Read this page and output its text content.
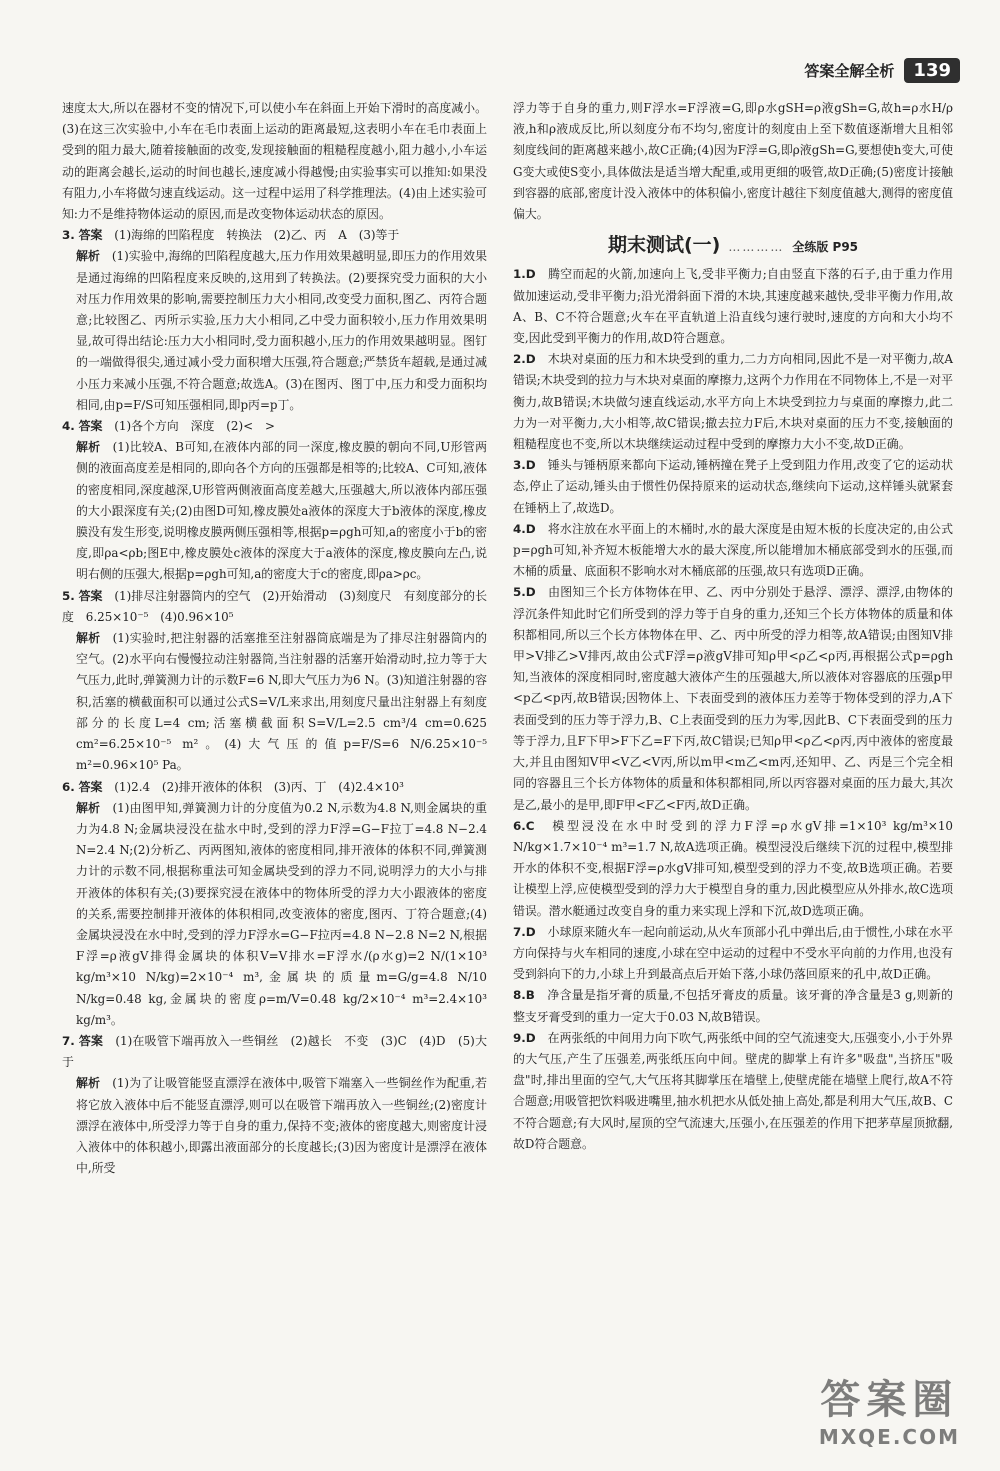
答案全解全析	139

速度太大,所以在器材不变的情况下,可以使小车在斜面上开始下滑时的高度减小。(3)在这三次实验中,小车在毛巾表面上运动的距离最短,这表明小车在毛巾表面上受到的阻力最大,随着接触面的改变,发现接触面的粗糙程度越小,阻力越小,小车运动的距离会越长,运动的时间也越长,速度减小得越慢;由实验事实可以推知:如果没有阻力,小车将做匀速直线运动。这一过程中运用了科学推理法。(4)由上述实验可知:力不是维持物体运动的原因,而是改变物体运动状态的原因。

3. 答案　 (1)海绵的凹陷程度　转换法　(2)乙、丙　A　(3)等于

解析　 (1)实验中,海绵的凹陷程度越大,压力作用效果越明显,即压力的作用效果是通过海绵的凹陷程度来反映的,这用到了转换法。(2)要探究受力面积的大小对压力作用效果的影响,需要控制压力大小相同,改变受力面积,图乙、丙符合题意;比较图乙、丙所示实验,压力大小相同,乙中受力面积较小,压力作用效果明显,故可得出结论:压力大小相同时,受力面积越小,压力的作用效果越明显。图钉的一端做得很尖,通过减小受力面积增大压强,符合题意;严禁货车超载,是通过减小压力来减小压强,不符合题意;故选A。(3)在图丙、图丁中,压力和受力面积均相同,由p=F/S可知压强相同,即p丙=p丁。

4. 答案　 (1)各个方向　深度　(2)<　>

解析　 (1)比较A、B可知,在液体内部的同一深度,橡皮膜的朝向不同,U形管两侧的液面高度差是相同的,即向各个方向的压强都是相等的;比较A、C可知,液体的密度相同,深度越深,U形管两侧液面高度差越大,压强越大,所以液体内部压强的大小跟深度有关;(2)由图D可知,橡皮膜处a液体的深度大于b液体的深度,橡皮膜没有发生形变,说明橡皮膜两侧压强相等,根据p=ρgh可知,a的密度小于b的密度,即ρa<ρb;图E中,橡皮膜处c液体的深度大于a液体的深度,橡皮膜向左凸,说明右侧的压强大,根据p=ρgh可知,a的密度大于c的密度,即ρa>ρc。

5. 答案　 (1)排尽注射器筒内的空气　(2)开始滑动　(3)刻度尺　有刻度部分的长度　6.25×10⁻⁵　(4)0.96×10⁵

解析　 (1)实验时,把注射器的活塞推至注射器筒底端是为了排尽注射器筒内的空气。(2)水平向右慢慢拉动注射器筒,当注射器的活塞开始滑动时,拉力等于大气压力,此时,弹簧测力计的示数F=6 N,即大气压力为6 N。(3)知道注射器的容积,活塞的横截面积可以通过公式S=V/L来求出,用刻度尺量出注射器上有刻度部分的长度L=4 cm;活塞横截面积S=V/L=2.5 cm³/4 cm=0.625 cm²=6.25×10⁻⁵ m²。(4)大气压的值p=F/S=6 N/6.25×10⁻⁵ m²=0.96×10⁵ Pa。

6. 答案　 (1)2.4　(2)排开液体的体积　(3)丙、丁　(4)2.4×10³

解析　 (1)由图甲知,弹簧测力计的分度值为0.2 N,示数为4.8 N,则金属块的重力为4.8 N;金属块浸没在盐水中时,受到的浮力F浮=G−F拉丁=4.8 N−2.4 N=2.4 N;(2)分析乙、丙两图知,液体的密度相同,排开液体的体积不同,弹簧测力计的示数不同,根据称重法可知金属块受到的浮力不同,说明浮力的大小与排开液体的体积有关;(3)要探究浸在液体中的物体所受的浮力大小跟液体的密度的关系,需要控制排开液体的体积相同,改变液体的密度,图丙、丁符合题意;(4)金属块浸没在水中时,受到的浮力F浮水=G−F拉丙=4.8 N−2.8 N=2 N,根据F浮=ρ液gV排得金属块的体积V=V排水=F浮水/(ρ水g)=2 N/(1×10³ kg/m³×10 N/kg)=2×10⁻⁴ m³,金属块的质量m=G/g=4.8 N/10 N/kg=0.48 kg,金属块的密度ρ=m/V=0.48 kg/2×10⁻⁴ m³=2.4×10³ kg/m³。

7. 答案　 (1)在吸管下端再放入一些铜丝　(2)越长　不变　(3)C　(4)D　(5)大于

解析　 (1)为了让吸管能竖直漂浮在液体中,吸管下端塞入一些铜丝作为配重,若将它放入液体中后不能竖直漂浮,则可以在吸管下端再放入一些铜丝;(2)密度计漂浮在液体中,所受浮力等于自身的重力,保持不变;液体的密度越大,则密度计浸入液体中的体积越小,即露出液面部分的长度越长;(3)因为密度计是漂浮在液体中,所受

浮力等于自身的重力,则F浮水=F浮液=G,即ρ水gSH=ρ液gSh=G,故h=ρ水H/ρ液,h和ρ液成反比,所以刻度分布不均匀,密度计的刻度由上至下数值逐渐增大且相邻刻度线间的距离越来越小,故C正确;(4)因为F浮=G,即ρ液gSh=G,要想使h变大,可使G变大或使S变小,具体做法是适当增大配重,或用更细的吸管,故D正确;(5)密度计接触到容器的底部,密度计没入液体中的体积偏小,密度计越往下刻度值越大,测得的密度值偏大。

期末测试(一) ………… 全练版 P95

1.D　 腾空而起的火箭,加速向上飞,受非平衡力;自由竖直下落的石子,由于重力作用做加速运动,受非平衡力;沿光滑斜面下滑的木块,其速度越来越快,受非平衡力作用,故A、B、C不符合题意;火车在平直轨道上沿直线匀速行驶时,速度的方向和大小均不变,因此受到平衡力的作用,故D符合题意。

2.D　 木块对桌面的压力和木块受到的重力,二力方向相同,因此不是一对平衡力,故A错误;木块受到的拉力与木块对桌面的摩擦力,这两个力作用在不同物体上,不是一对平衡力,故B错误;木块做匀速直线运动,水平方向上木块受到拉力与桌面的摩擦力,此二力为一对平衡力,大小相等,故C错误;撤去拉力F后,木块对桌面的压力不变,接触面的粗糙程度也不变,所以木块继续运动过程中受到的摩擦力大小不变,故D正确。

3.D　 锤头与锤柄原来都向下运动,锤柄撞在凳子上受到阻力作用,改变了它的运动状态,停止了运动,锤头由于惯性仍保持原来的运动状态,继续向下运动,这样锤头就紧套在锤柄上了,故选D。

4.D　 将水注放在水平面上的木桶时,水的最大深度是由短木板的长度决定的,由公式p=ρgh可知,补齐短木板能增大水的最大深度,所以能增加木桶底部受到水的压强,而木桶的质量、底面积不影响水对木桶底部的压强,故只有选项D正确。

5.D　 由图知三个长方体物体在甲、乙、丙中分别处于悬浮、漂浮、漂浮,由物体的浮沉条件知此时它们所受到的浮力等于自身的重力,还知三个长方体物体的质量和体积都相同,所以三个长方体物体在甲、乙、丙中所受的浮力相等,故A错误;由图知V排甲>V排乙>V排丙,故由公式F浮=ρ液gV排可知ρ甲<ρ乙<ρ丙,再根据公式p=ρgh知,当液体的深度相同时,密度越大液体产生的压强越大,所以液体对容器底的压强p甲<p乙<p丙,故B错误;因物体上、下表面受到的液体压力差等于物体受到的浮力,A下表面受到的压力等于浮力,B、C上表面受到的压力为零,因此B、C下表面受到的压力等于浮力,且F下甲>F下乙=F下丙,故C错误;已知ρ甲<ρ乙<ρ丙,丙中液体的密度最大,并且由图知V甲<V乙<V丙,所以m甲<m乙<m丙,还知甲、乙、丙是三个完全相同的容器且三个长方体物体的质量和体积都相同,所以丙容器对桌面的压力最大,其次是乙,最小的是甲,即F甲<F乙<F丙,故D正确。

6.C　 模型浸没在水中时受到的浮力F浮=ρ水gV排=1×10³ kg/m³×10 N/kg×1.7×10⁻⁴ m³=1.7 N,故A选项正确。模型浸没后继续下沉的过程中,模型排开水的体积不变,根据F浮=ρ水gV排可知,模型受到的浮力不变,故B选项正确。若要让模型上浮,应使模型受到的浮力大于模型自身的重力,因此模型应从外排水,故C选项错误。潜水艇通过改变自身的重力来实现上浮和下沉,故D选项正确。

7.D　 小球原来随火车一起向前运动,从火车顶部小孔中弹出后,由于惯性,小球在水平方向保持与火车相同的速度,小球在空中运动的过程中不受水平向前的力作用,也没有受到斜向下的力,小球上升到最高点后开始下落,小球仍落回原来的孔中,故D正确。

8.B　 净含量是指牙膏的质量,不包括牙膏皮的质量。该牙膏的净含量是3 g,则新的整支牙膏受到的重力一定大于0.03 N,故B错误。

9.D　 在两张纸的中间用力向下吹气,两张纸中间的空气流速变大,压强变小,小于外界的大气压,产生了压强差,两张纸压向中间。壁虎的脚掌上有许多"吸盘",当挤压"吸盘"时,排出里面的空气,大气压将其脚掌压在墙壁上,使壁虎能在墙壁上爬行,故A不符合题意;用吸管把饮料吸进嘴里,抽水机把水从低处抽上高处,都是利用大气压,故B、C不符合题意;有大风时,屋顶的空气流速大,压强小,在压强差的作用下把茅草屋顶掀翻,故D符合题意。

答案圈
MXQE.COM
